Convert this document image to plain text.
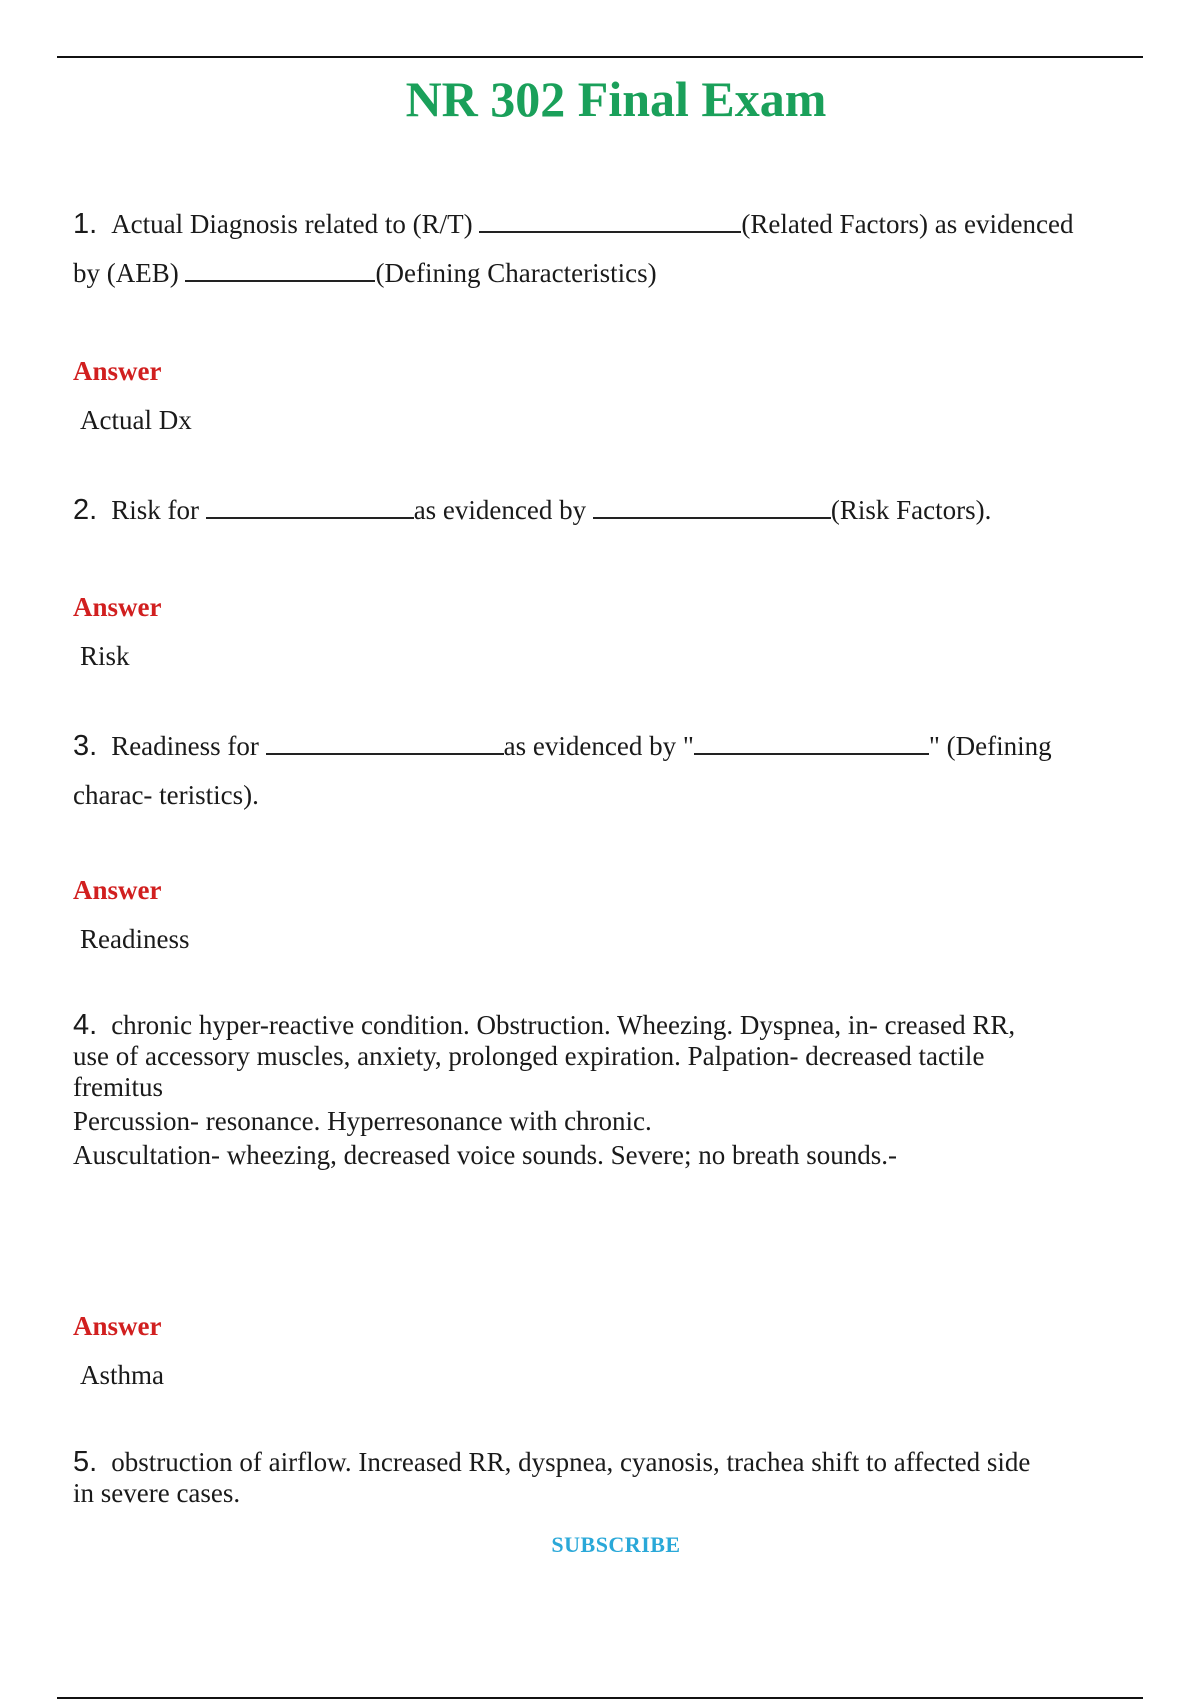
NR 302 Final Exam
1. Actual Diagnosis related to (R/T)	(Related Factors) as evidenced
by (AEB)	(Defining Characteristics)
Answer
Actual Dx
2. Risk for	as evidenced by	(Risk Factors).
Answer
Risk
3. Readiness for	as evidenced by "	" (Defining
charac- teristics).
Answer
Readiness
4. chronic hyper-reactive condition. Obstruction. Wheezing. Dyspnea, in- creased RR,
use of accessory muscles, anxiety, prolonged expiration. Palpation- decreased tactile
fremitus
Percussion- resonance. Hyperresonance with chronic.
Auscultation- wheezing, decreased voice sounds. Severe; no breath sounds.-
Answer
Asthma
5. obstruction of airflow. Increased RR, dyspnea, cyanosis, trachea shift to affected side
in severe cases.
SUBSCRIBE
